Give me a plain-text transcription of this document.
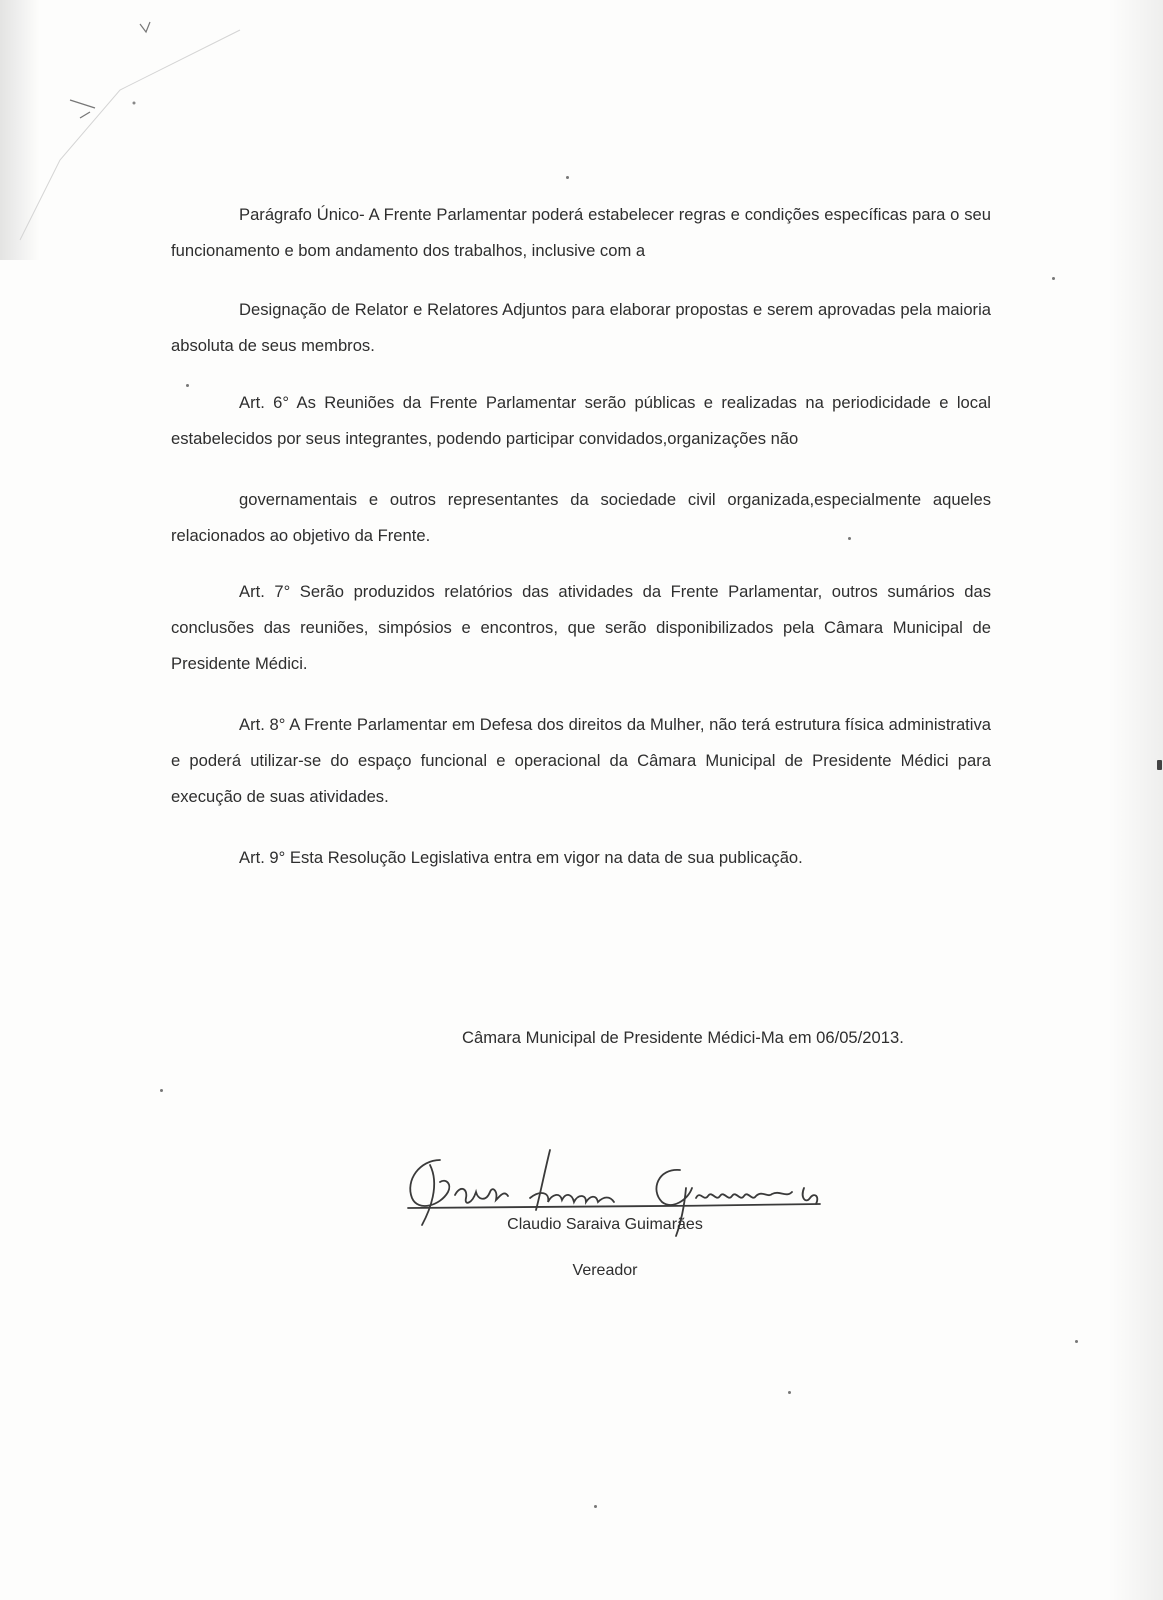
Parágrafo Único- A Frente Parlamentar poderá estabelecer regras e condições específicas para o seu funcionamento e bom andamento dos trabalhos, inclusive com a

Designação de Relator e Relatores Adjuntos para elaborar propostas e serem aprovadas pela maioria absoluta de seus membros.

Art. 6° As Reuniões da Frente Parlamentar serão públicas e realizadas na periodicidade e local estabelecidos por seus integrantes, podendo participar convidados,organizações não

governamentais e outros representantes da sociedade civil organizada,especialmente aqueles relacionados ao objetivo da Frente.

Art. 7° Serão produzidos relatórios das atividades da Frente Parlamentar, outros sumários das conclusões das reuniões, simpósios e encontros, que serão disponibilizados pela Câmara Municipal de Presidente Médici.

Art. 8° A Frente Parlamentar em Defesa dos direitos da Mulher, não terá estrutura física administrativa e poderá utilizar-se do espaço funcional e operacional da Câmara Municipal de Presidente Médici para execução de suas atividades.

Art. 9° Esta Resolução Legislativa entra em vigor na data de sua publicação.

Câmara Municipal de Presidente Médici-Ma em 06/05/2013.
Claudio Saraiva Guimarães
Vereador
